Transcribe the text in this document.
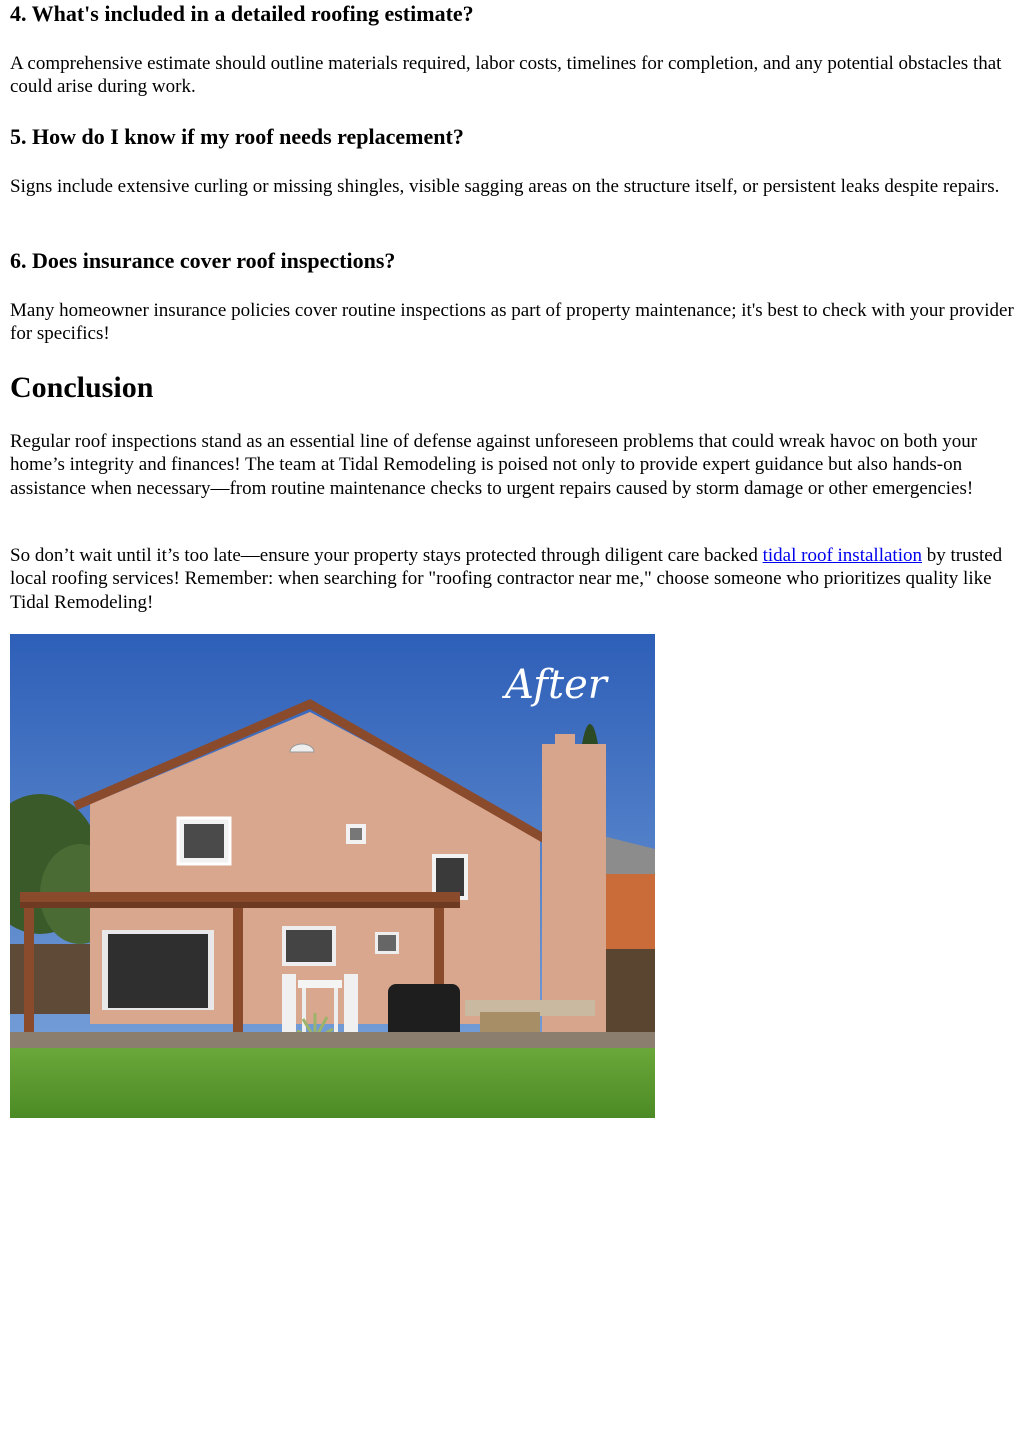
4. What's included in a detailed roofing estimate?

A comprehensive estimate should outline materials required, labor costs, timelines for completion, and any potential obstacles that could arise during work.

5. How do I know if my roof needs replacement?

Signs include extensive curling or missing shingles, visible sagging areas on the structure itself, or persistent leaks despite repairs.

6. Does insurance cover roof inspections?

Many homeowner insurance policies cover routine inspections as part of property maintenance; it's best to check with your provider for specifics!

Conclusion

Regular roof inspections stand as an essential line of defense against unforeseen problems that could wreak havoc on both your home’s integrity and finances! The team at Tidal Remodeling is poised not only to provide expert guidance but also hands-on assistance when necessary—from routine maintenance checks to urgent repairs caused by storm damage or other emergencies!

So don’t wait until it’s too late—ensure your property stays protected through diligent care backed tidal roof installation by trusted local roofing services! Remember: when searching for "roofing contractor near me," choose someone who prioritizes quality like Tidal Remodeling!

After
